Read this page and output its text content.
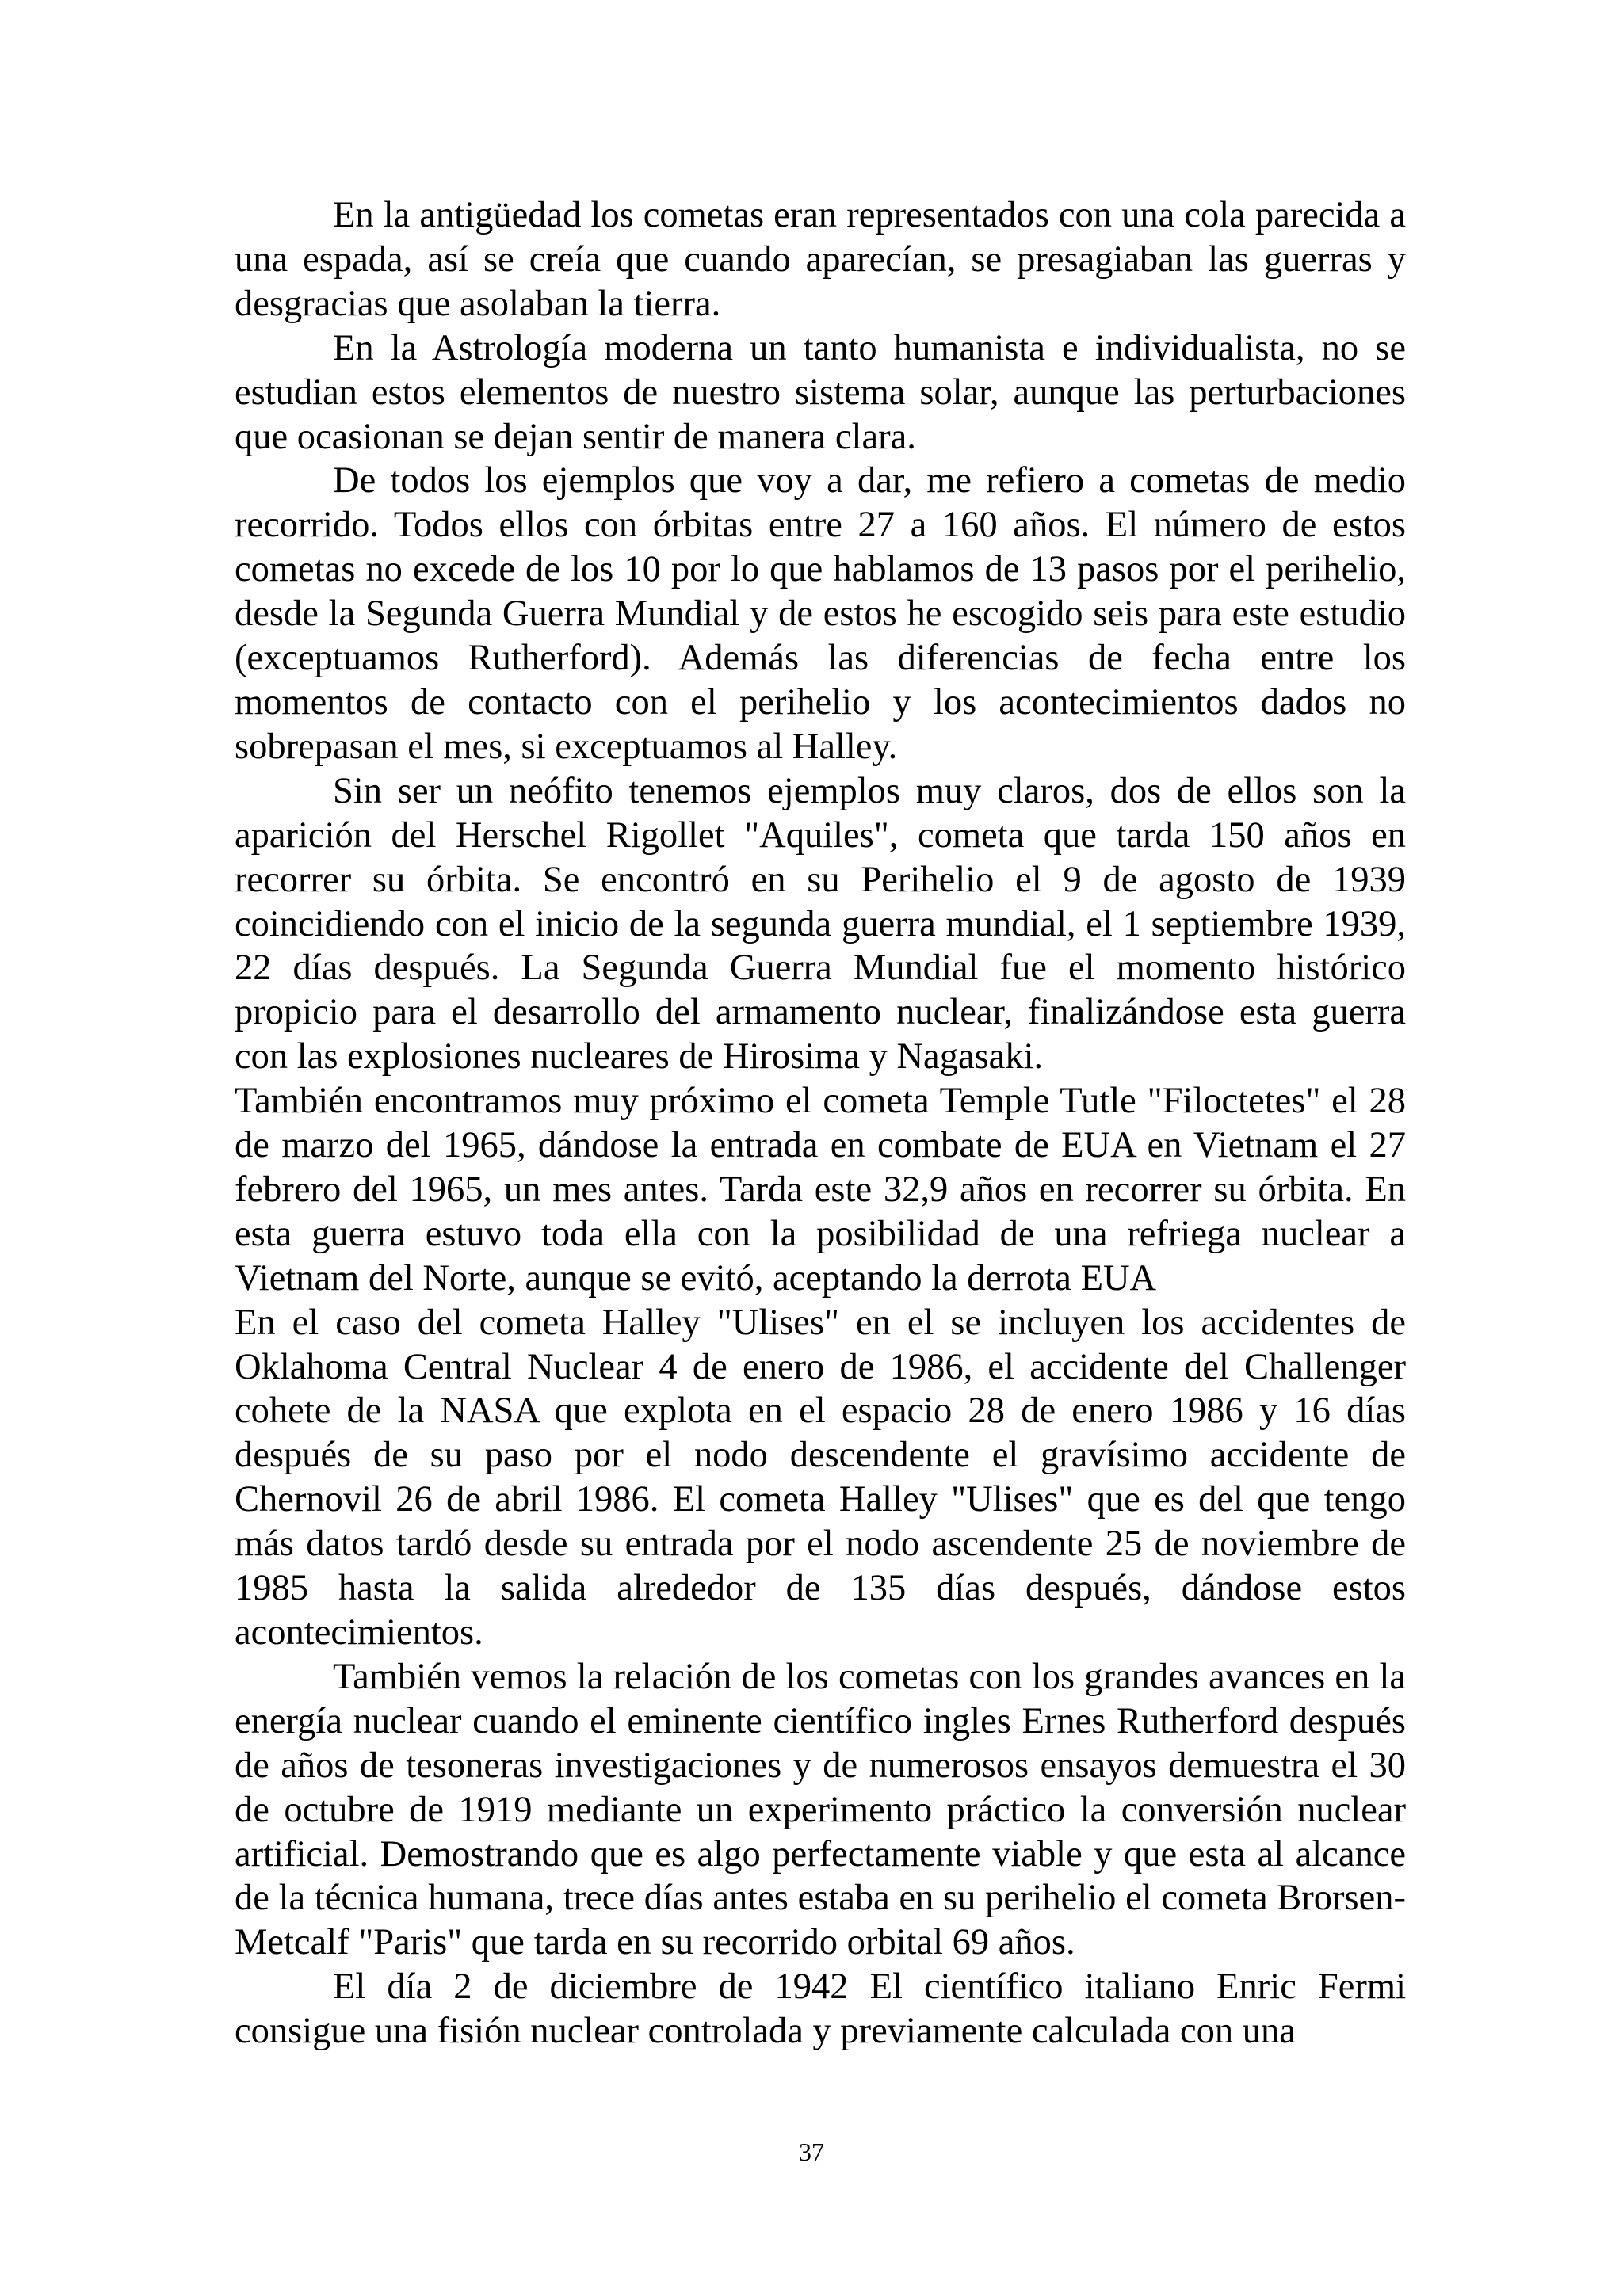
En la antigüedad los cometas eran representados con una cola parecida a una espada, así se creía que cuando aparecían, se presagiaban las guerras y desgracias que asolaban la tierra.

En la Astrología moderna un tanto humanista e individualista, no se estudian estos elementos de nuestro sistema solar, aunque las perturbaciones que ocasionan se dejan sentir de manera clara.

De todos los ejemplos que voy a dar, me refiero a cometas de medio recorrido. Todos ellos con órbitas entre 27 a 160 años. El número de estos cometas no excede de los 10 por lo que hablamos de 13 pasos por el perihelio, desde la Segunda Guerra Mundial y de estos he escogido seis para este estudio (exceptuamos Rutherford). Además las diferencias de fecha entre los momentos de contacto con el perihelio y los acontecimientos dados no sobrepasan el mes, si exceptuamos al Halley.

Sin ser un neófito tenemos ejemplos muy claros, dos de ellos son la aparición del Herschel Rigollet "Aquiles", cometa que tarda 150 años en recorrer su órbita. Se encontró en su Perihelio el 9 de agosto de 1939 coincidiendo con el inicio de la segunda guerra mundial, el 1 septiembre 1939, 22 días después. La Segunda Guerra Mundial fue el momento histórico propicio para el desarrollo del armamento nuclear, finalizándose esta guerra con las explosiones nucleares de Hirosima y Nagasaki.

También encontramos muy próximo el cometa Temple Tutle "Filoctetes" el 28 de marzo del 1965, dándose la entrada en combate de EUA en Vietnam el 27 febrero del 1965, un mes antes. Tarda este 32,9 años en recorrer su órbita. En esta guerra estuvo toda ella con la posibilidad de una refriega nuclear a Vietnam del Norte, aunque se evitó, aceptando la derrota EUA

En el caso del cometa Halley "Ulises" en el se incluyen los accidentes de Oklahoma Central Nuclear 4 de enero de 1986, el accidente del Challenger cohete de la NASA que explota en el espacio 28 de enero 1986 y 16 días después de su paso por el nodo descendente el gravísimo accidente de Chernovil 26 de abril 1986. El cometa Halley "Ulises" que es del que tengo más datos tardó desde su entrada por el nodo ascendente 25 de noviembre de 1985 hasta la salida alrededor de 135 días después, dándose estos acontecimientos.

También vemos la relación de los cometas con los grandes avances en la energía nuclear cuando el eminente científico ingles Ernes Rutherford después de años de tesoneras investigaciones y de numerosos ensayos demuestra el 30 de octubre de 1919 mediante un experimento práctico la conversión nuclear artificial. Demostrando que es algo perfectamente viable y que esta al alcance de la técnica humana, trece días antes estaba en su perihelio el cometa Brorsen-Metcalf "Paris" que tarda en su recorrido orbital 69 años.

El día 2 de diciembre de 1942 El científico italiano Enric Fermi consigue una fisión nuclear controlada y previamente calculada con una

37
